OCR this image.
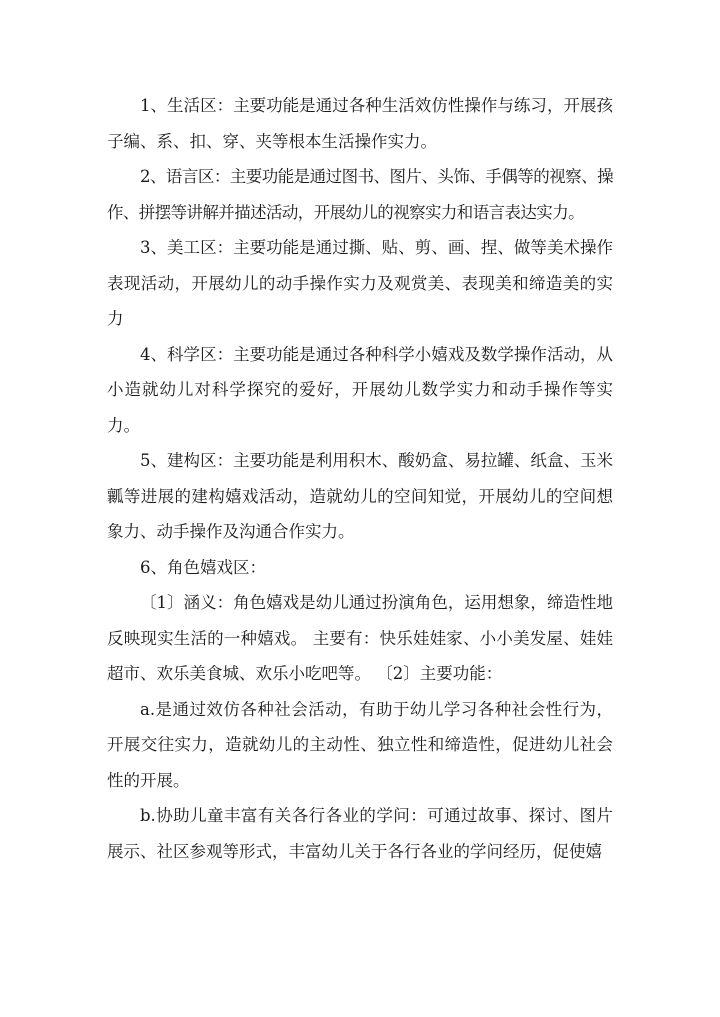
1、生活区：主要功能是通过各种生活效仿性操作与练习，开展孩子编、系、扣、穿、夹等根本生活操作实力。

2、语言区：主要功能是通过图书、图片、头饰、手偶等的视察、操作、拼摆等讲解并描述活动，开展幼儿的视察实力和语言表达实力。

3、美工区：主要功能是通过撕、贴、剪、画、捏、做等美术操作表现活动，开展幼儿的动手操作实力及观赏美、表现美和缔造美的实力

4、科学区：主要功能是通过各种科学小嬉戏及数学操作活动，从小造就幼儿对科学探究的爱好，开展幼儿数学实力和动手操作等实力。

5、建构区：主要功能是利用积木、酸奶盒、易拉罐、纸盒、玉米瓤等进展的建构嬉戏活动，造就幼儿的空间知觉，开展幼儿的空间想象力、动手操作及沟通合作实力。

6、角色嬉戏区：

〔1〕涵义：角色嬉戏是幼儿通过扮演角色，运用想象，缔造性地反映现实生活的一种嬉戏。 主要有：快乐娃娃家、小小美发屋、娃娃超市、欢乐美食城、欢乐小吃吧等。 〔2〕主要功能：

a.是通过效仿各种社会活动，有助于幼儿学习各种社会性行为，开展交往实力，造就幼儿的主动性、独立性和缔造性，促进幼儿社会性的开展。

b.协助儿童丰富有关各行各业的学问：可通过故事、探讨、图片展示、社区参观等形式，丰富幼儿关于各行各业的学问经历，促使嬉
